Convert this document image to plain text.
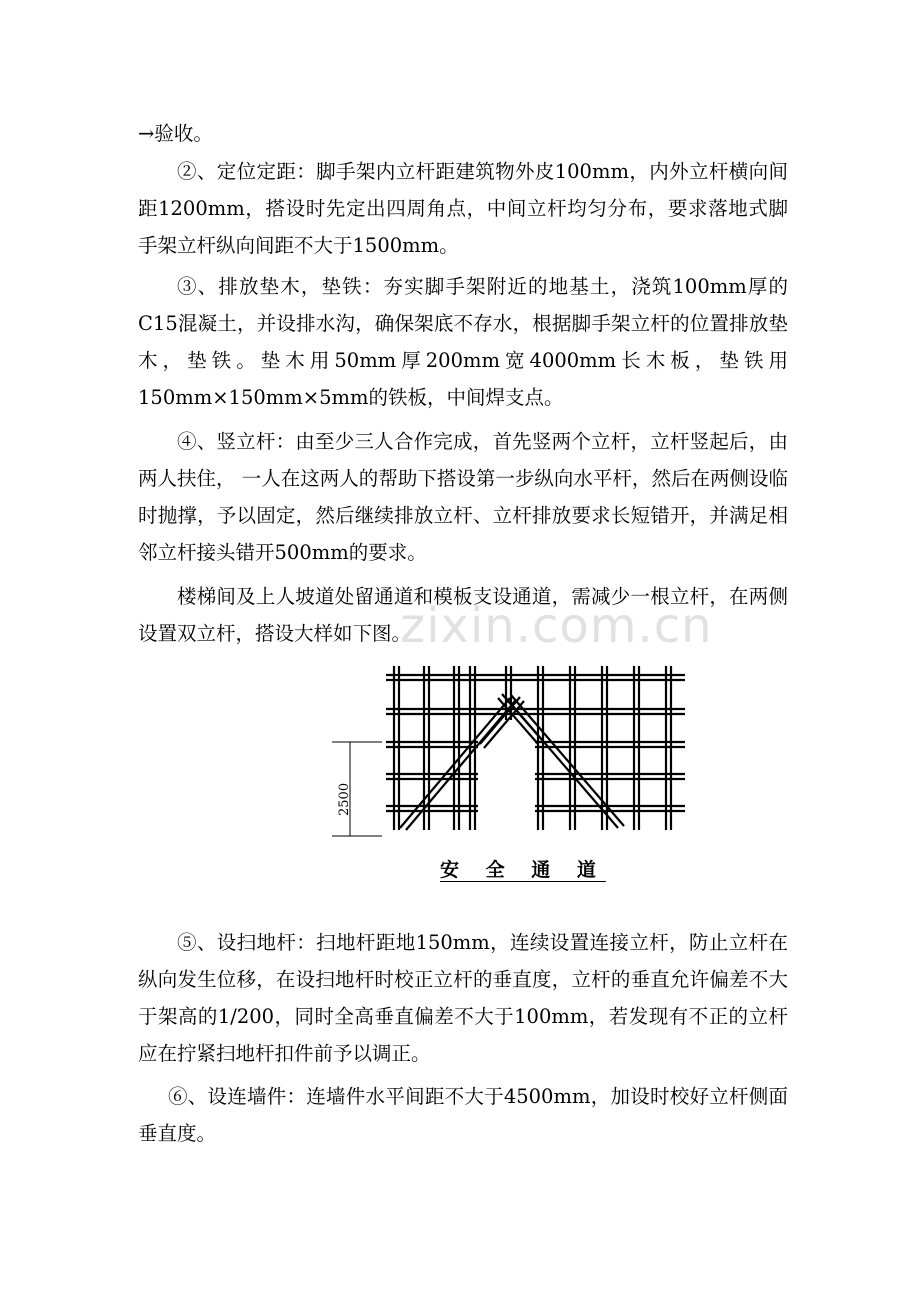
→验收。

②、定位定距：脚手架内立杆距建筑物外皮100mm，内外立杆横向间距1200mm，搭设时先定出四周角点，中间立杆均匀分布，要求落地式脚手架立杆纵向间距不大于1500mm。

③、排放垫木，垫铁：夯实脚手架附近的地基土，浇筑100mm厚的C15混凝土，并设排水沟，确保架底不存水，根据脚手架立杆的位置排放垫木，垫铁。垫木用50mm厚200mm宽4000mm长木板，垫铁用150mm×150mm×5mm的铁板，中间焊支点。

④、竖立杆：由至少三人合作完成，首先竖两个立杆，立杆竖起后，由两人扶住， 一人在这两人的帮助下搭设第一步纵向水平杆，然后在两侧设临时抛撑，予以固定，然后继续排放立杆、立杆排放要求长短错开，并满足相邻立杆接头错开500mm的要求。

楼梯间及上人坡道处留通道和模板支设通道，需减少一根立杆，在两侧设置双立杆，搭设大样如下图。

zixin.com.cn
2500

安 全 通 道

⑤、设扫地杆：扫地杆距地150mm，连续设置连接立杆，防止立杆在纵向发生位移，在设扫地杆时校正立杆的垂直度，立杆的垂直允许偏差不大于架高的1/200，同时全高垂直偏差不大于100mm，若发现有不正的立杆应在拧紧扫地杆扣件前予以调正。

⑥、设连墙件：连墙件水平间距不大于4500mm，加设时校好立杆侧面垂直度。
